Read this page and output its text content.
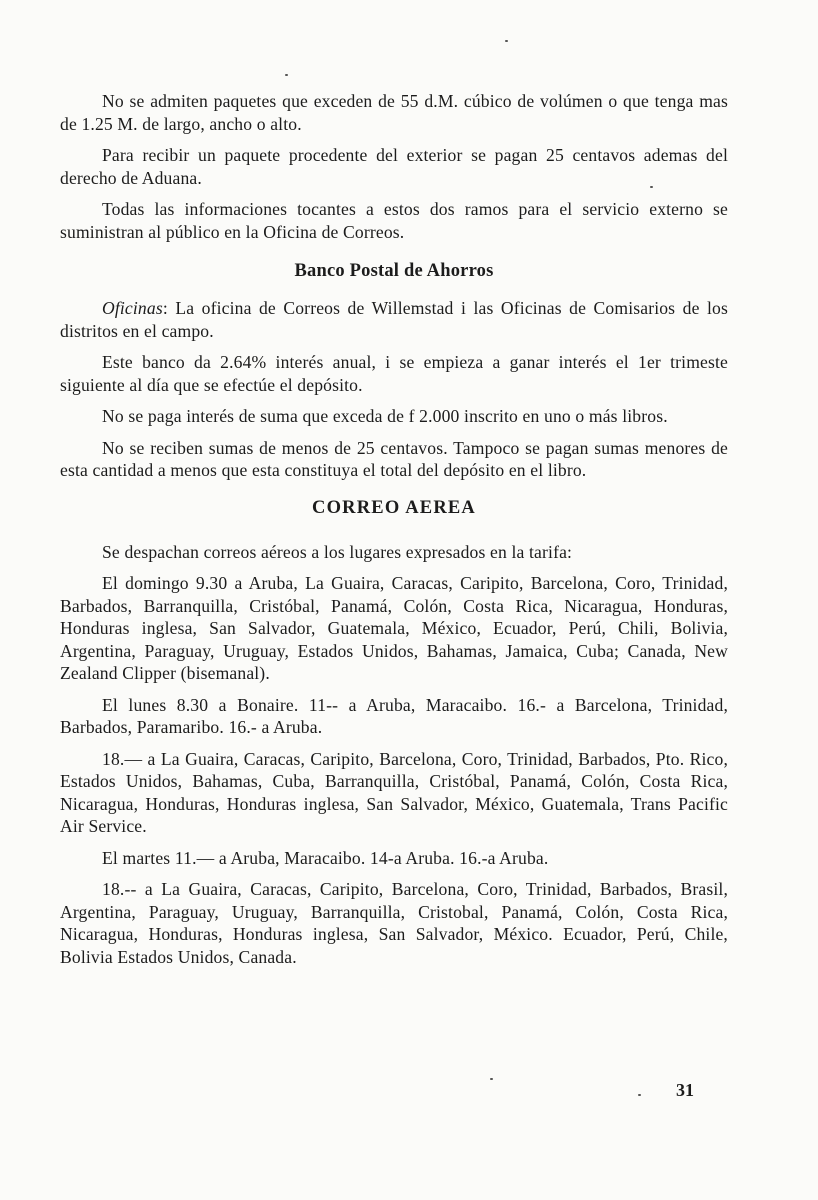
No se admiten paquetes que exceden de 55 d.M. cúbico de volúmen o que tenga mas de 1.25 M. de largo, ancho o alto.

Para recibir un paquete procedente del exterior se pagan 25 centavos ademas del derecho de Aduana.

Todas las informaciones tocantes a estos dos ramos para el servicio externo se suministran al público en la Oficina de Correos.

Banco Postal de Ahorros

Oficinas: La oficina de Correos de Willemstad i las Oficinas de Comisarios de los distritos en el campo.

Este banco da 2.64% interés anual, i se empieza a ganar interés el 1er trimeste siguiente al día que se efectúe el depósito.

No se paga interés de suma que exceda de f 2.000 inscrito en uno o más libros.

No se reciben sumas de menos de 25 centavos. Tampoco se pagan sumas menores de esta cantidad a menos que esta constituya el total del depósito en el libro.

CORREO AEREA

Se despachan correos aéreos a los lugares expresados en la tarifa:

El domingo 9.30 a Aruba, La Guaira, Caracas, Caripito, Barcelona, Coro, Trinidad, Barbados, Barranquilla, Cristóbal, Panamá, Colón, Costa Rica, Nicaragua, Honduras, Honduras inglesa, San Salvador, Guatemala, México, Ecuador, Perú, Chili, Bolivia, Argentina, Paraguay, Uruguay, Estados Unidos, Bahamas, Jamaica, Cuba; Canada, New Zealand Clipper (bisemanal).

El lunes 8.30 a Bonaire. 11-- a Aruba, Maracaibo. 16.- a Barcelona, Trinidad, Barbados, Paramaribo. 16.- a Aruba.

18.— a La Guaira, Caracas, Caripito, Barcelona, Coro, Trinidad, Barbados, Pto. Rico, Estados Unidos, Bahamas, Cuba, Barranquilla, Cristóbal, Panamá, Colón, Costa Rica, Nicaragua, Honduras, Honduras inglesa, San Salvador, México, Guatemala, Trans Pacific Air Service.

El martes 11.— a Aruba, Maracaibo. 14-a Aruba. 16.-a Aruba.

18.-- a La Guaira, Caracas, Caripito, Barcelona, Coro, Trinidad, Barbados, Brasil, Argentina, Paraguay, Uruguay, Barranquilla, Cristobal, Panamá, Colón, Costa Rica, Nicaragua, Honduras, Honduras inglesa, San Salvador, México. Ecuador, Perú, Chile, Bolivia Estados Unidos, Canada.

31
